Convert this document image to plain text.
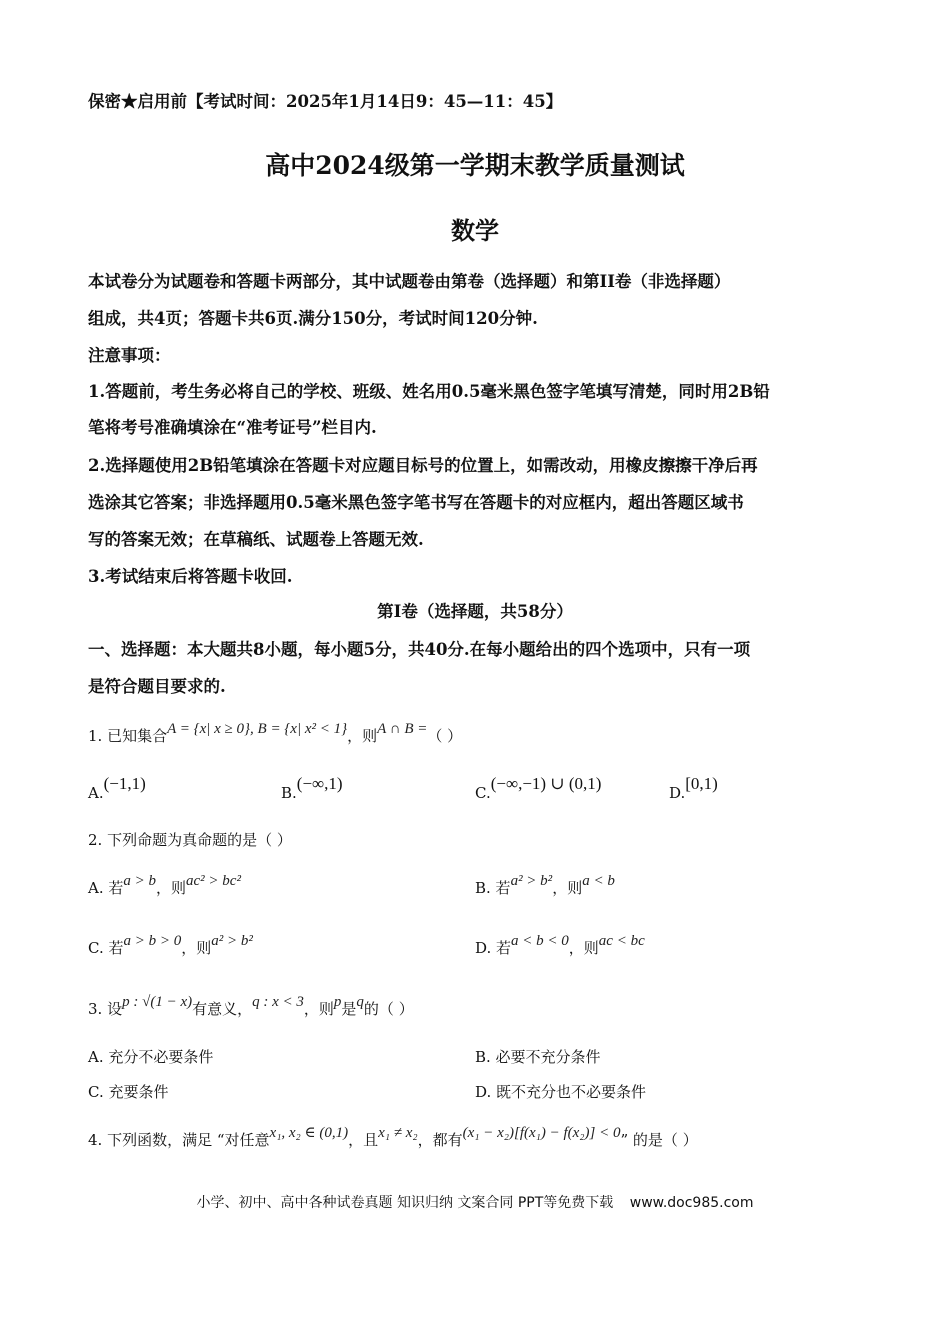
保密★启用前【考试时间：2025年1月14日9：45—11：45】
高中2024级第一学期末教学质量测试
数学
本试卷分为试题卷和答题卡两部分，其中试题卷由第卷（选择题）和第II卷（非选择题）
组成，共4页；答题卡共6页.满分150分，考试时间120分钟.
注意事项：
1.答题前，考生务必将自己的学校、班级、姓名用0.5毫米黑色签字笔填写清楚，同时用2B铅
笔将考号准确填涂在“准考证号”栏目内.
2.选择题使用2B铅笔填涂在答题卡对应题目标号的位置上，如需改动，用橡皮擦擦干净后再
选涂其它答案；非选择题用0.5毫米黑色签字笔书写在答题卡的对应框内，超出答题区域书
写的答案无效；在草稿纸、试题卷上答题无效.
3.考试结束后将答题卡收回.
第I卷（选择题，共58分）
一、选择题：本大题共8小题，每小题5分，共40分.在每小题给出的四个选项中，只有一项
是符合题目要求的.
1. 已知集合A = {x| x ≥ 0}, B = {x| x² < 1}，则A ∩ B =（ ）
A.(−1,1)	B.(−∞,1)	C.(−∞,−1) ∪ (0,1)	D.[0,1)
2. 下列命题为真命题的是（ ）
A. 若a > b，则ac² > bc²	B. 若a² > b²，则a < b
C. 若a > b > 0，则a² > b²	D. 若a < b < 0，则ac < bc
3. 设p : √(1 − x)有意义，q : x < 3，则p是q的（ ）
A. 充分不必要条件	B. 必要不充分条件
C. 充要条件	D. 既不充分也不必要条件
4. 下列函数，满足 “对任意x₁, x₂ ∈ (0,1)，且x₁ ≠ x₂，都有(x₁ − x₂)[f(x₁) − f(x₂)] < 0” 的是（ ）
小学、初中、高中各种试卷真题 知识归纳 文案合同 PPT等免费下载 www.doc985.com
